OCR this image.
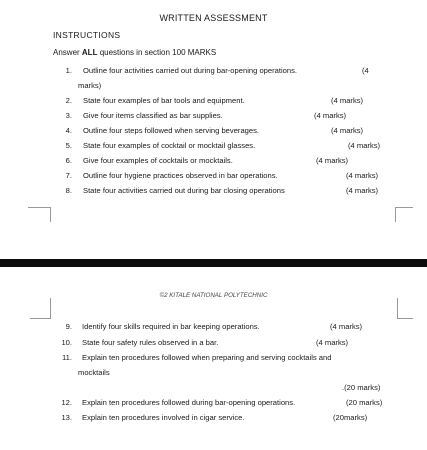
WRITTEN ASSESSMENT
INSTRUCTIONS
Answer ALL questions in section 100 MARKS
1. Outline four activities carried out during bar-opening operations.	(4
marks)
2. State four examples of bar tools and equipment.	(4 marks)
3. Give four items classified as bar supplies.	(4 marks)
4. Outline four steps followed when serving beverages.	(4 marks)
5. State four examples of cocktail or mocktail glasses.	(4 marks)
6. Give four examples of cocktails or mocktails.	(4 marks)
7. Outline four hygiene practices observed in bar operations.	(4 marks)
8. State four activities carried out during bar closing operations	(4 marks)
©2 KITALE NATIONAL POLYTECHNIC
9. Identify four skills required in bar keeping operations.	(4 marks)
10. State four safety rules observed in a bar.	(4 marks)
11. Explain ten procedures followed when preparing and serving cocktails and
mocktails
.(20 marks)
12. Explain ten procedures followed during bar-opening operations.	(20 marks)
13. Explain ten procedures involved in cigar service.	(20marks)
